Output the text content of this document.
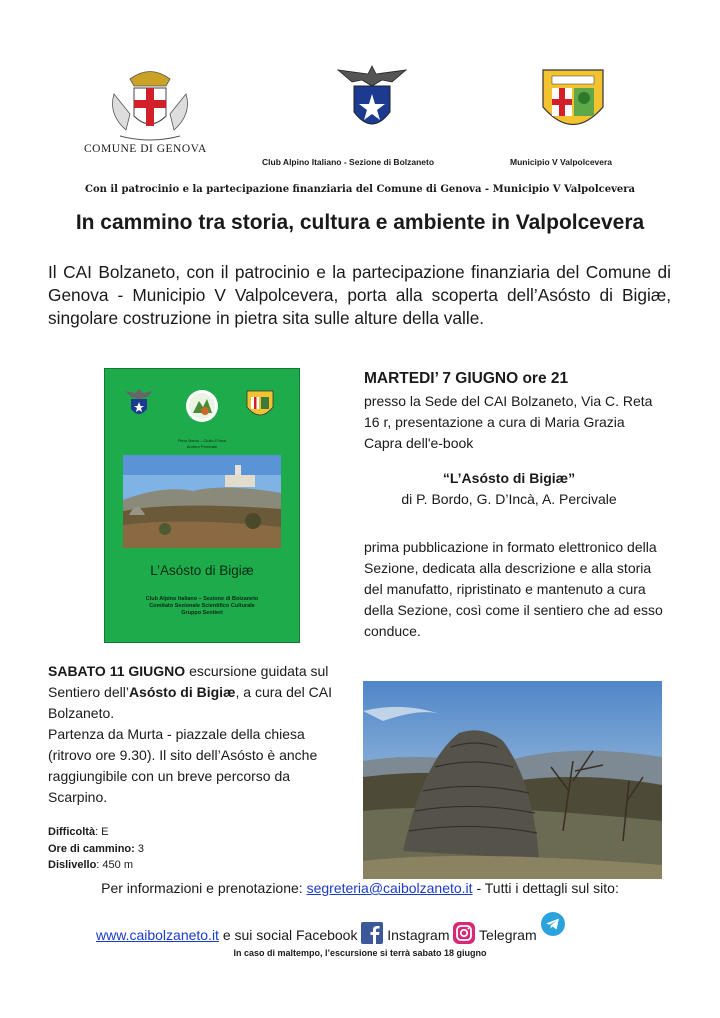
COMUNE DI GENOVA
Club Alpino Italiano - Sezione di Bolzaneto	Municipio V Valpolcevera
Con il patrocinio e la partecipazione finanziaria del Comune di Genova - Municipio V Valpolcevera
In cammino tra storia, cultura e ambiente in Valpolcevera
Il CAI Bolzaneto, con il patrocinio e la partecipazione finanziaria del Comune di Genova - Municipio V Valpolcevera, porta alla scoperta dell’Asósto di Bigiæ, singolare costruzione in pietra sita sulle alture della valle.
Piero Bordo – Giulio D’Incà
Andrea Percivale
L’Asósto di Bigiæ
Club Alpino Italiano – Sezione di Bolzaneto
Comitato Sezionale Scientifico Culturale
Gruppo Sentieri
MARTEDI’ 7 GIUGNO ore 21
presso la Sede del CAI Bolzaneto, Via C. Reta 16 r, presentazione a cura di Maria Grazia Capra dell'e-book
“L’Asósto di Bigiæ”
di P. Bordo, G. D’Incà, A. Percivale
prima pubblicazione in formato elettronico della Sezione, dedicata alla descrizione e alla storia del manufatto, ripristinato e mantenuto a cura della Sezione, così come il sentiero che ad esso conduce.
SABATO 11 GIUGNO escursione guidata sul Sentiero dell’Asósto di Bigiæ, a cura del CAI Bolzaneto.
Partenza da Murta - piazzale della chiesa (ritrovo ore 9.30). Il sito dell’Asósto è anche raggiungibile con un breve percorso da Scarpino.
Difficoltà: E
Ore di cammino: 3
Dislivello: 450 m
Per informazioni e prenotazione: segreteria@caibolzaneto.it - Tutti i dettagli sul sito:
www.caibolzaneto.it e sui social Facebook  Instagram  Telegram
In caso di maltempo, l’escursione si terrà sabato 18 giugno
